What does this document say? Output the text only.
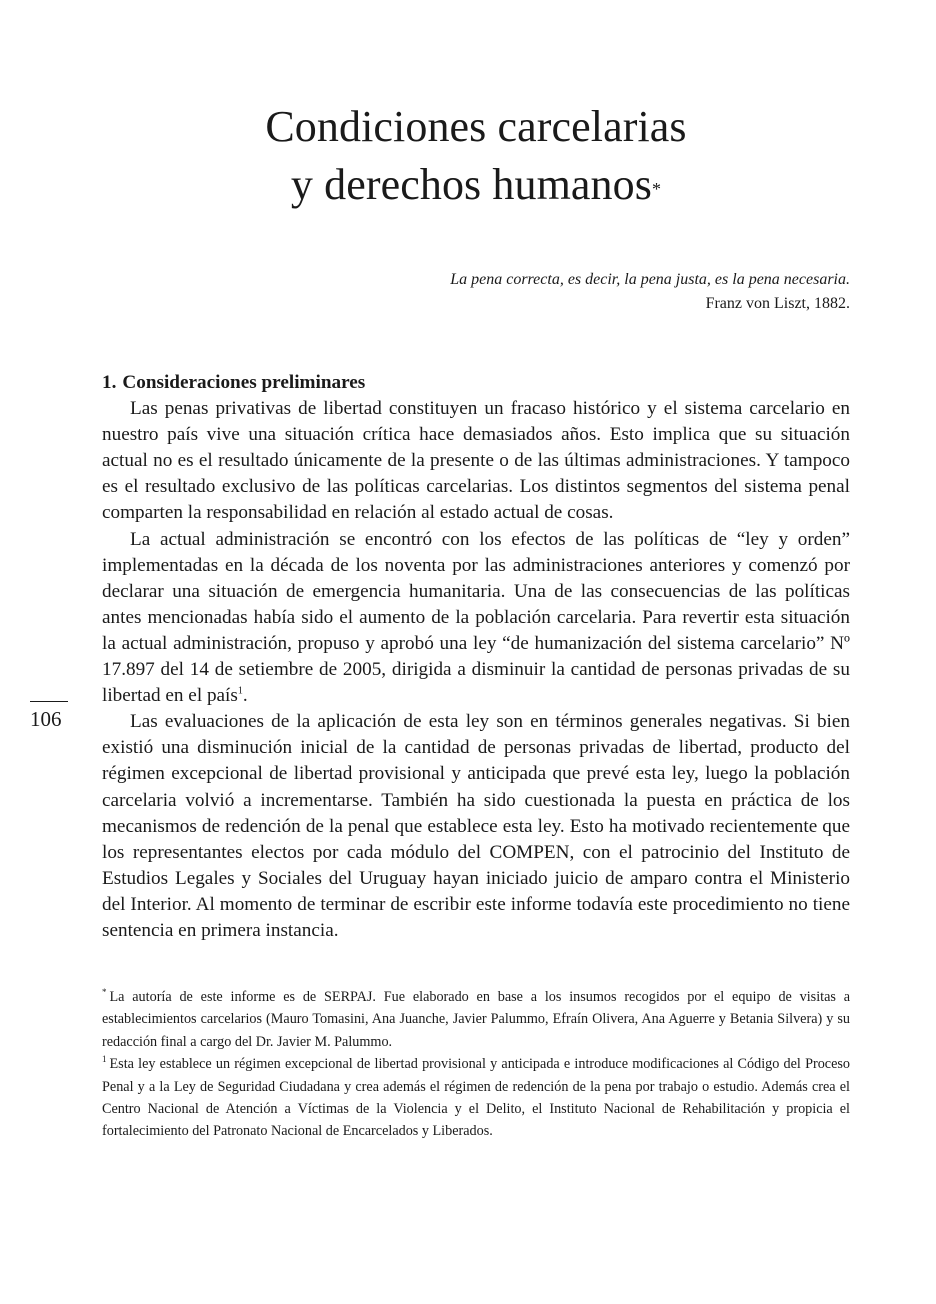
Condiciones carcelarias
y derechos humanos*
La pena correcta, es decir, la pena justa, es la pena necesaria.
Franz von Liszt, 1882.

1. Consideraciones preliminares

Las penas privativas de libertad constituyen un fracaso histórico y el sistema carcelario en nuestro país vive una situación crítica hace demasiados años. Esto implica que su situación actual no es el resultado únicamente de la presente o de las últimas administraciones. Y tampoco es el resultado exclusivo de las políticas carcelarias. Los distintos segmentos del sistema penal comparten la responsabilidad en relación al estado actual de cosas.

La actual administración se encontró con los efectos de las políticas de “ley y orden” implementadas en la década de los noventa por las administraciones anteriores y comenzó por declarar una situación de emergencia humanitaria. Una de las consecuencias de las políticas antes mencionadas había sido el aumento de la población carcelaria. Para revertir esta situación la actual administración, propuso y aprobó una ley “de humanización del sistema carcelario” Nº 17.897 del 14 de setiembre de 2005, dirigida a disminuir la cantidad de personas privadas de su libertad en el país$^1$.

Las evaluaciones de la aplicación de esta ley son en términos generales negativas. Si bien existió una disminución inicial de la cantidad de personas privadas de libertad, producto del régimen excepcional de libertad provisional y anticipada que prevé esta ley, luego la población carcelaria volvió a incrementarse. También ha sido cuestionada la puesta en práctica de los mecanismos de redención de la penal que establece esta ley. Esto ha motivado recientemente que los representantes electos por cada módulo del COMPEN, con el patrocinio del Instituto de Estudios Legales y Sociales del Uruguay hayan iniciado juicio de amparo contra el Ministerio del Interior. Al momento de terminar de escribir este informe todavía este procedimiento no tiene sentencia en primera instancia.

106

* La autoría de este informe es de SERPAJ. Fue elaborado en base a los insumos recogidos por el equipo de visitas a establecimientos carcelarios (Mauro Tomasini, Ana Juanche, Javier Palummo, Efraín Olivera, Ana Aguerre y Betania Silvera) y su redacción final a cargo del Dr. Javier M. Palummo.

$^1$ Esta ley establece un régimen excepcional de libertad provisional y anticipada e introduce modificaciones al Código del Proceso Penal y a la Ley de Seguridad Ciudadana y crea además el régimen de redención de la pena por trabajo o estudio. Además crea el Centro Nacional de Atención a Víctimas de la Violencia y el Delito, el Instituto Nacional de Rehabilitación y propicia el fortalecimiento del Patronato Nacional de Encarcelados y Liberados.
